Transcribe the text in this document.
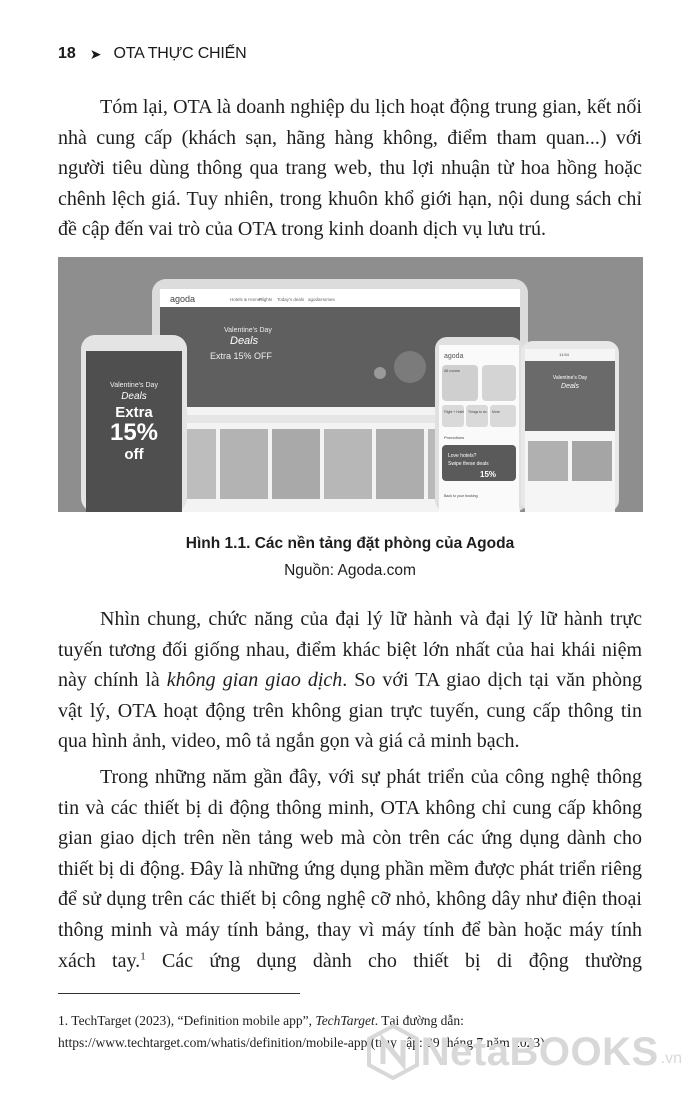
18 ➤ OTA THỰC CHIẾN

Tóm lại, OTA là doanh nghiệp du lịch hoạt động trung gian, kết nối nhà cung cấp (khách sạn, hãng hàng không, điểm tham quan...) với người tiêu dùng thông qua trang web, thu lợi nhuận từ hoa hồng hoặc chênh lệch giá. Tuy nhiên, trong khuôn khổ giới hạn, nội dung sách chỉ đề cập đến vai trò của OTA trong kinh doanh dịch vụ lưu trú.

agoda	Hotels & Homes
Flights Today's deals agodaHomes
Valentine's Day
Deals
Extra 15% OFF
Valentine's Day
Deals
Extra
15%
off
agoda
All rooms
Flight + Hotel Things to do More
Promotions
Love hotels?
Swipe these deals
15%
Back to your booking
11:54
Valentine's Day
Deals
Hình 1.1. Các nền tảng đặt phòng của Agoda
Nguồn: Agoda.com

Nhìn chung, chức năng của đại lý lữ hành và đại lý lữ hành trực tuyến tương đối giống nhau, điểm khác biệt lớn nhất của hai khái niệm này chính là không gian giao dịch. So với TA giao dịch tại văn phòng vật lý, OTA hoạt động trên không gian trực tuyến, cung cấp thông tin qua hình ảnh, video, mô tả ngắn gọn và giá cả minh bạch.

Trong những năm gần đây, với sự phát triển của công nghệ thông tin và các thiết bị di động thông minh, OTA không chỉ cung cấp không gian giao dịch trên nền tảng web mà còn trên các ứng dụng dành cho thiết bị di động. Đây là những ứng dụng phần mềm được phát triển riêng để sử dụng trên các thiết bị công nghệ cỡ nhỏ, không dây như điện thoại thông minh và máy tính bảng, thay vì máy tính để bàn hoặc máy tính xách tay.$^1$ Các ứng dụng dành cho thiết bị di động thường

1. TechTarget (2023), “Definition mobile app”, TechTarget. Tại đường dẫn: https://www.techtarget.com/whatis/definition/mobile-app (truy cập: 29 tháng 7 năm 2023).
NetaBOOKS .vn
